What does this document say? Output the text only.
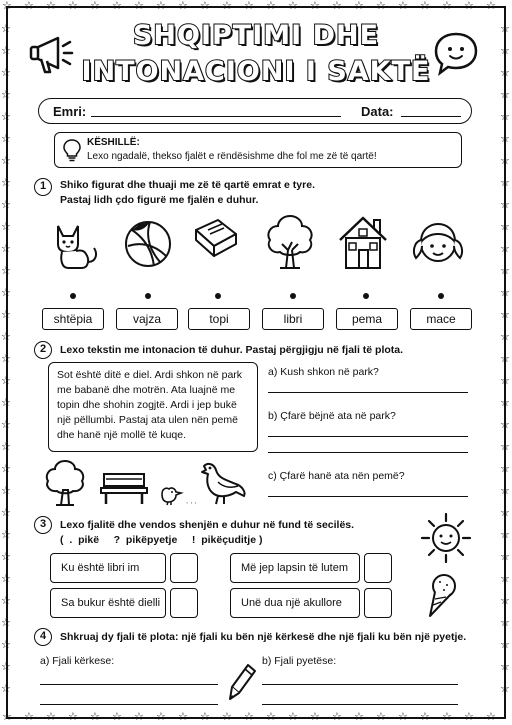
☆
☆
☆
☆
☆
☆
☆
☆
☆
☆
☆
☆
☆
☆
☆
☆
☆
☆
☆
☆
☆
☆
☆
☆
☆
☆
☆
☆
☆
☆
☆
☆
☆
☆
☆
☆
☆
☆
☆
☆
☆
☆
☆
☆
☆
☆
☆	☆
☆	☆
☆	☆
☆	☆
☆	☆
☆	☆
☆	☆
☆	☆
☆	☆
☆	☆
☆	☆
☆	☆
☆	☆
☆	☆
☆	☆
☆	☆
☆	☆
☆	☆
☆	☆
☆	☆
☆	☆
☆	☆
☆	☆
☆	☆
☆	☆
☆	☆
☆	☆
☆	☆
☆	☆
☆	☆
☆	☆
SHQIPTIMI DHE
INTONACIONI I SAKTË
Emri:	Data:
KËSHILLË:
Lexo ngadalë, thekso fjalët e rëndësishme dhe fol me zë të qartë!
1	Shiko figurat dhe thuaji me zë të qartë emrat e tyre.
Pastaj lidh çdo figurë me fjalën e duhur.
shtëpia	vajza	topi	libri	pema	mace
2	Lexo tekstin me intonacion të duhur. Pastaj përgjigju në fjali të plota.
Sot është ditë e diel. Ardi shkon në park
me babanë dhe motrën. Ata luajnë me
topin dhe shohin zogjtë. Ardi i jep bukë
një pëllumbi. Pastaj ata ulen nën pemë
dhe hanë një mollë të kuqe.
a) Kush shkon në park?
b) Çfarë bëjnë ata në park?
c) Çfarë hanë ata nën pemë?
∙∙∙
3	Lexo fjalitë dhe vendos shenjën e duhur në fund të secilës.
(  .  pikë     ?  pikëpyetje     !  pikëçuditje )
Ku është libri im	Më jep lapsin të lutem
Sa bukur është dielli	Unë dua një akullore
4	Shkruaj dy fjali të plota: një fjali ku bën një kërkesë dhe një fjali ku bën një pyetje.
a) Fjali kërkese:	b) Fjali pyetëse:
